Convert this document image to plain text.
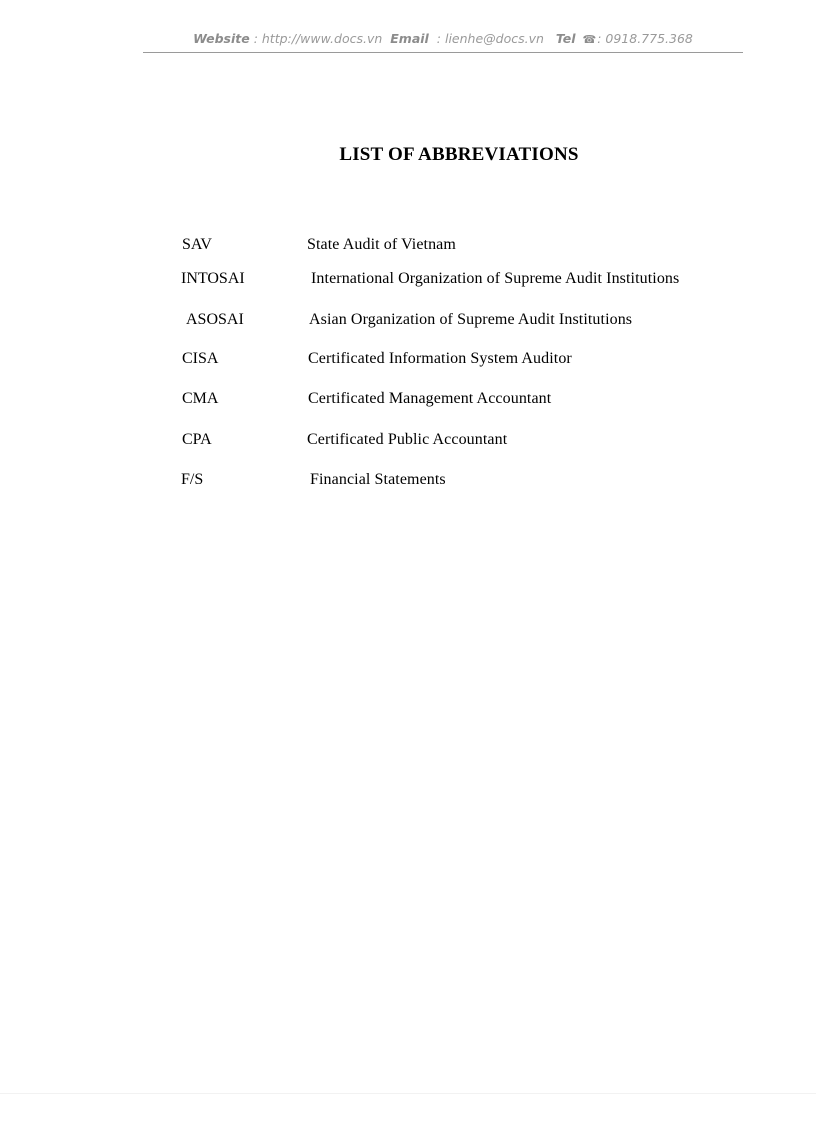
Website : http://www.docs.vn Email : lienhe@docs.vn Tel ☎: 0918.775.368
LIST OF ABBREVIATIONS
SAV	State Audit of Vietnam
INTOSAI	International Organization of Supreme Audit Institutions
ASOSAI	Asian Organization of Supreme Audit Institutions
CISA	Certificated Information System Auditor
CMA	Certificated Management Accountant
CPA	Certificated Public Accountant
F/S	Financial Statements
